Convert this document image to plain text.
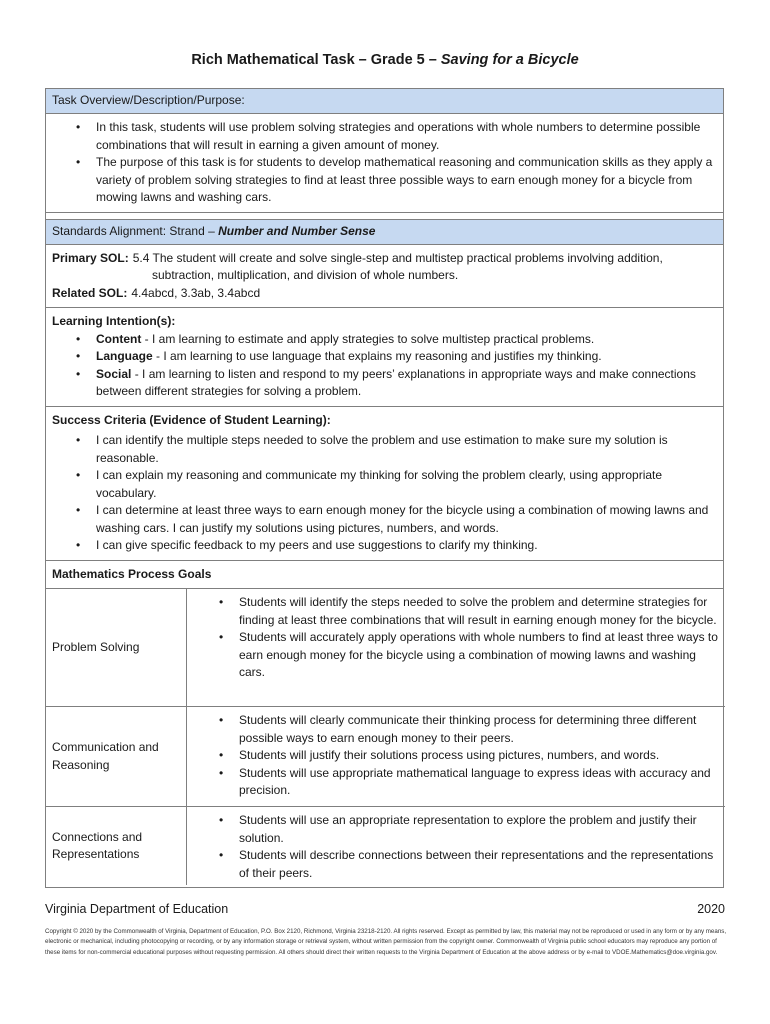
Rich Mathematical Task – Grade 5 – Saving for a Bicycle
Task Overview/Description/Purpose:
• In this task, students will use problem solving strategies and operations with whole numbers to determine possible combinations that will result in earning a given amount of money.
• The purpose of this task is for students to develop mathematical reasoning and communication skills as they apply a variety of problem solving strategies to find at least three possible ways to earn enough money for a bicycle from mowing lawns and washing cars.
Standards Alignment: Strand – Number and Number Sense
Primary SOL: 5.4 The student will create and solve single-step and multistep practical problems involving addition,
subtraction, multiplication, and division of whole numbers.
Related SOL: 4.4abcd, 3.3ab, 3.4abcd
Learning Intention(s):
• Content - I am learning to estimate and apply strategies to solve multistep practical problems.
• Language - I am learning to use language that explains my reasoning and justifies my thinking.
• Social - I am learning to listen and respond to my peers’ explanations in appropriate ways and make connections between different strategies for solving a problem.
Success Criteria (Evidence of Student Learning):
• I can identify the multiple steps needed to solve the problem and use estimation to make sure my solution is reasonable.
• I can explain my reasoning and communicate my thinking for solving the problem clearly, using appropriate vocabulary.
• I can determine at least three ways to earn enough money for the bicycle using a combination of mowing lawns and washing cars. I can justify my solutions using pictures, numbers, and words.
• I can give specific feedback to my peers and use suggestions to clarify my thinking.
Mathematics Process Goals
Problem Solving
• Students will identify the steps needed to solve the problem and determine strategies for finding at least three combinations that will result in earning enough money for the bicycle.
• Students will accurately apply operations with whole numbers to find at least three ways to earn enough money for the bicycle using a combination of mowing lawns and washing cars.
Communication and Reasoning
• Students will clearly communicate their thinking process for determining three different possible ways to earn enough money to their peers.
• Students will justify their solutions process using pictures, numbers, and words.
• Students will use appropriate mathematical language to express ideas with accuracy and precision.
Connections and Representations
• Students will use an appropriate representation to explore the problem and justify their solution.
• Students will describe connections between their representations and the representations of their peers.
Virginia Department of Education	2020
Copyright © 2020 by the Commonwealth of Virginia, Department of Education, P.O. Box 2120, Richmond, Virginia 23218-2120. All rights reserved. Except as permitted by law, this material may not be reproduced or used in any form or by any means, electronic or mechanical, including photocopying or recording, or by any information storage or retrieval system, without written permission from the copyright owner. Commonwealth of Virginia public school educators may reproduce any portion of these items for non-commercial educational purposes without requesting permission. All others should direct their written requests to the Virginia Department of Education at the above address or by e-mail to VDOE.Mathematics@doe.virginia.gov.
